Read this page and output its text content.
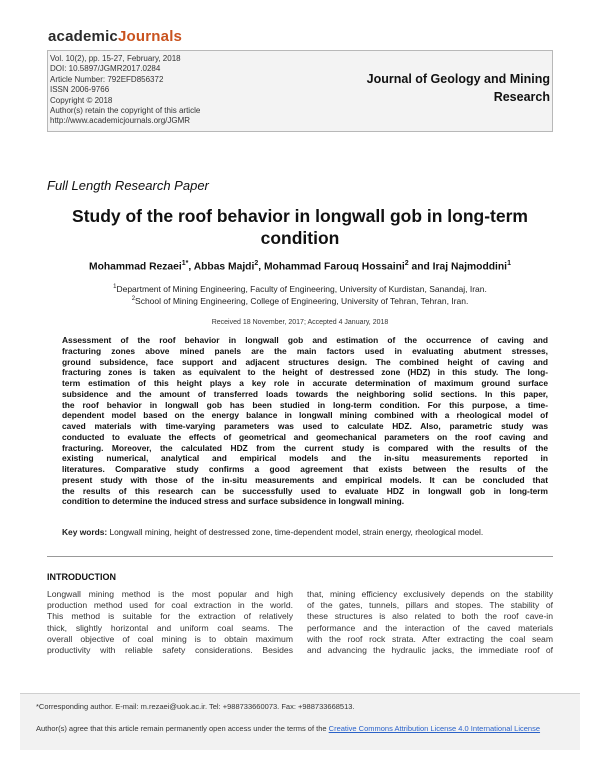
academicJournals
Vol. 10(2), pp. 15-27, February, 2018
DOI: 10.5897/JGMR2017.0284
Article Number: 792EFD856372
ISSN 2006-9766
Copyright © 2018
Author(s) retain the copyright of this article
http://www.academicjournals.org/JGMR
Journal of Geology and Mining Research
Full Length Research Paper
Study of the roof behavior in longwall gob in long-term condition
Mohammad Rezaei$^{1*}$, Abbas Majdi$^2$, Mohammad Farouq Hossaini$^2$ and Iraj Najmoddini$^1$
$^1$Department of Mining Engineering, Faculty of Engineering, University of Kurdistan, Sanandaj, Iran.
$^2$School of Mining Engineering, College of Engineering, University of Tehran, Tehran, Iran.
Received 18 November, 2017; Accepted 4 January, 2018
Assessment of the roof behavior in longwall gob and estimation of the occurrence of caving and
fracturing zones above mined panels are the main factors used in evaluating abutment stresses,
ground subsidence, face support and adjacent structures design. The combined height of caving and
fracturing zones is taken as equivalent to the height of destressed zone (HDZ) in this study. The long-
term estimation of this height plays a key role in accurate determination of maximum ground surface
subsidence and the amount of transferred loads towards the neighboring solid sections. In this paper,
the roof behavior in longwall gob has been studied in long-term condition. For this purpose, a time-
dependent model based on the energy balance in longwall mining combined with a rheological model of
caved materials with time-varying parameters was used to calculate HDZ. Also, parametric study was
conducted to evaluate the effects of geometrical and geomechanical parameters on the roof caving and
fracturing. Moreover, the calculated HDZ from the current study is compared with the results of the
existing numerical, analytical and empirical models and the in-situ measurements reported in
literatures. Comparative study confirms a good agreement that exists between the results of the
present study with those of the in-situ measurements and empirical models. It can be concluded that
the results of this research can be successfully used to evaluate HDZ in longwall gob in long-term
condition to determine the induced stress and surface subsidence in longwall mining.
Key words: Longwall mining, height of destressed zone, time-dependent model, strain energy, rheological model.
INTRODUCTION
Longwall mining method is the most popular and high
production method used for coal extraction in the world.
This method is suitable for the extraction of relatively
thick, slightly horizontal and uniform coal seams. The
overall objective of coal mining is to obtain maximum
productivity with reliable safety considerations. Besides
that, mining efficiency exclusively depends on the stability
of the gates, tunnels, pillars and stopes. The stability of
these structures is also related to both the roof cave-in
performance and the interaction of the caved materials
with the roof rock strata. After extracting the coal seam
and advancing the hydraulic jacks, the immediate roof of
*Corresponding author. E-mail: m.rezaei@uok.ac.ir. Tel: +988733660073. Fax: +988733668513.
Author(s) agree that this article remain permanently open access under the terms of the Creative Commons Attribution License 4.0 International License
